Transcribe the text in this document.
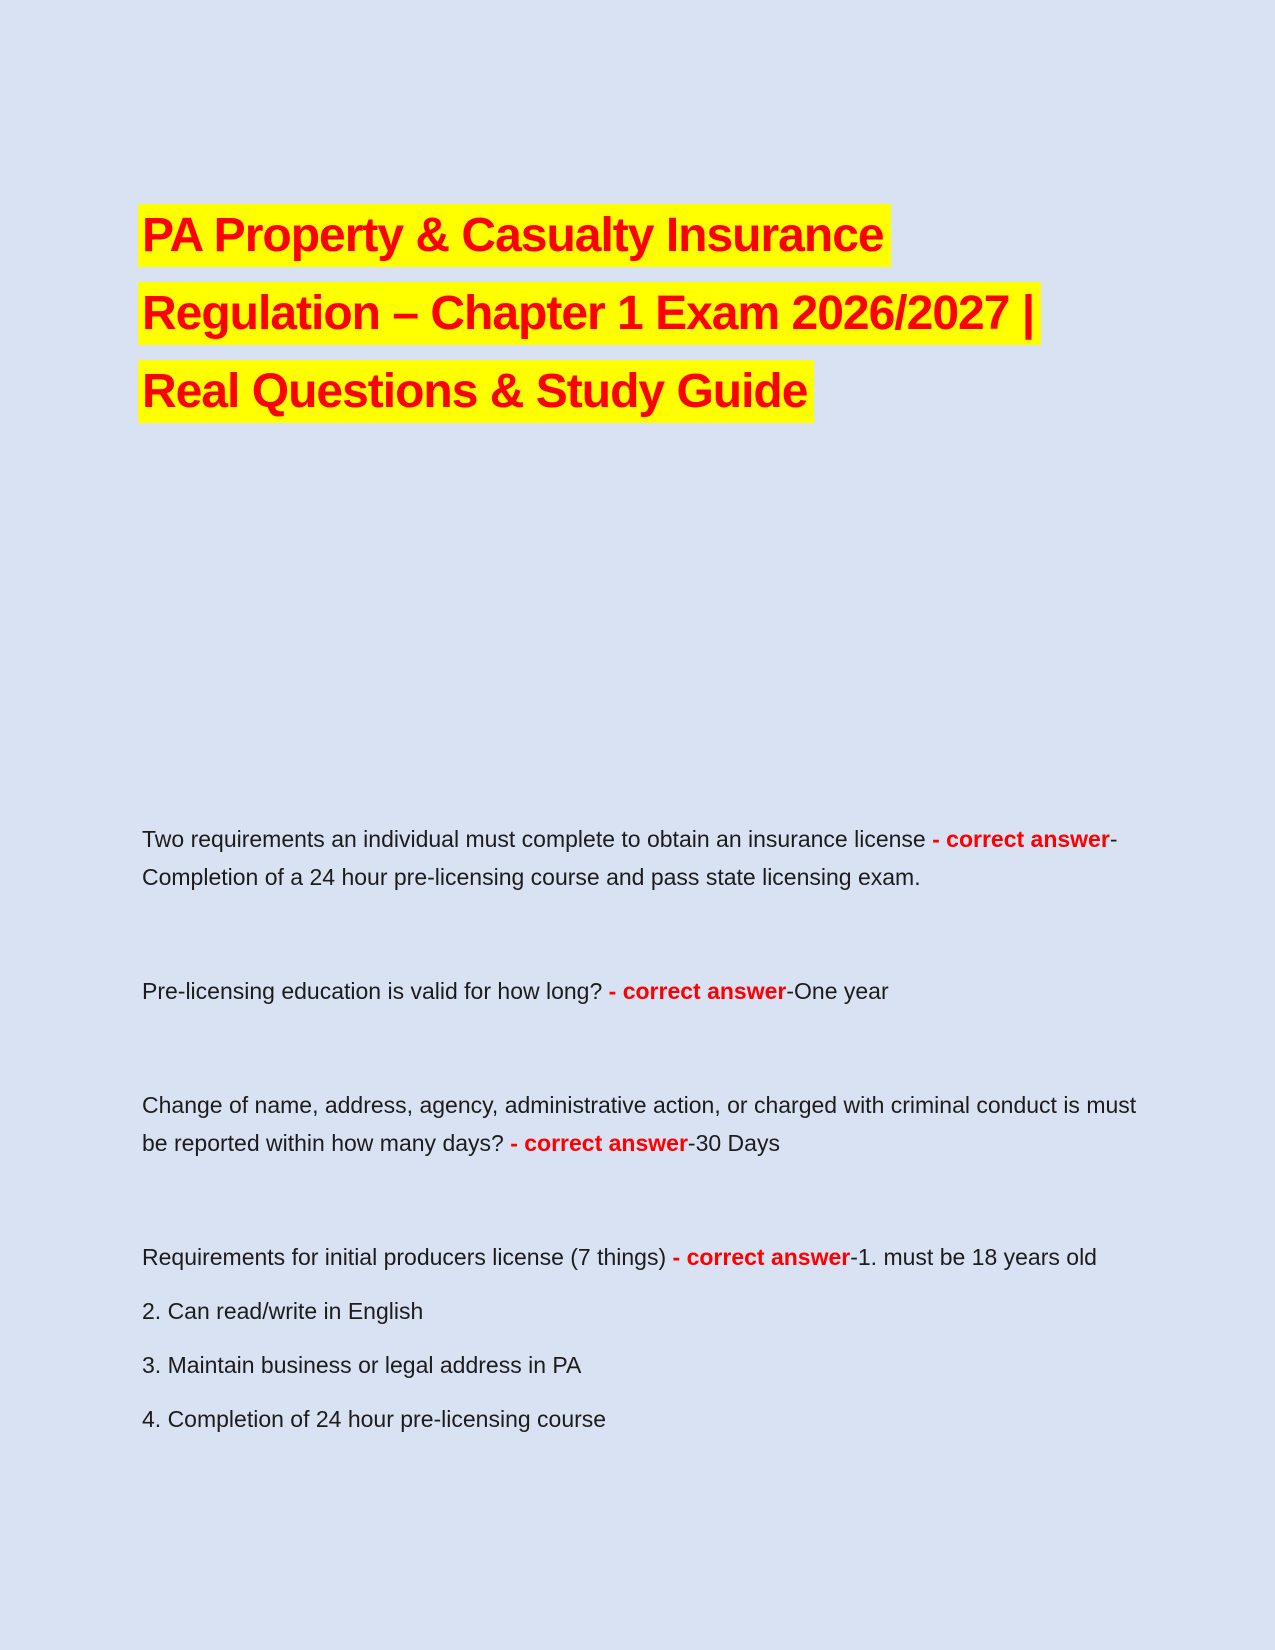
PA Property & Casualty Insurance
Regulation – Chapter 1 Exam 2026/2027 |
Real Questions & Study Guide

Two requirements an individual must complete to obtain an insurance license - correct answer-Completion of a 24 hour pre-licensing course and pass state licensing exam.

Pre-licensing education is valid for how long? - correct answer-One year

Change of name, address, agency, administrative action, or charged with criminal conduct is must be reported within how many days? - correct answer-30 Days

Requirements for initial producers license (7 things) - correct answer-1. must be 18 years old

2. Can read/write in English

3. Maintain business or legal address in PA

4. Completion of 24 hour pre-licensing course
